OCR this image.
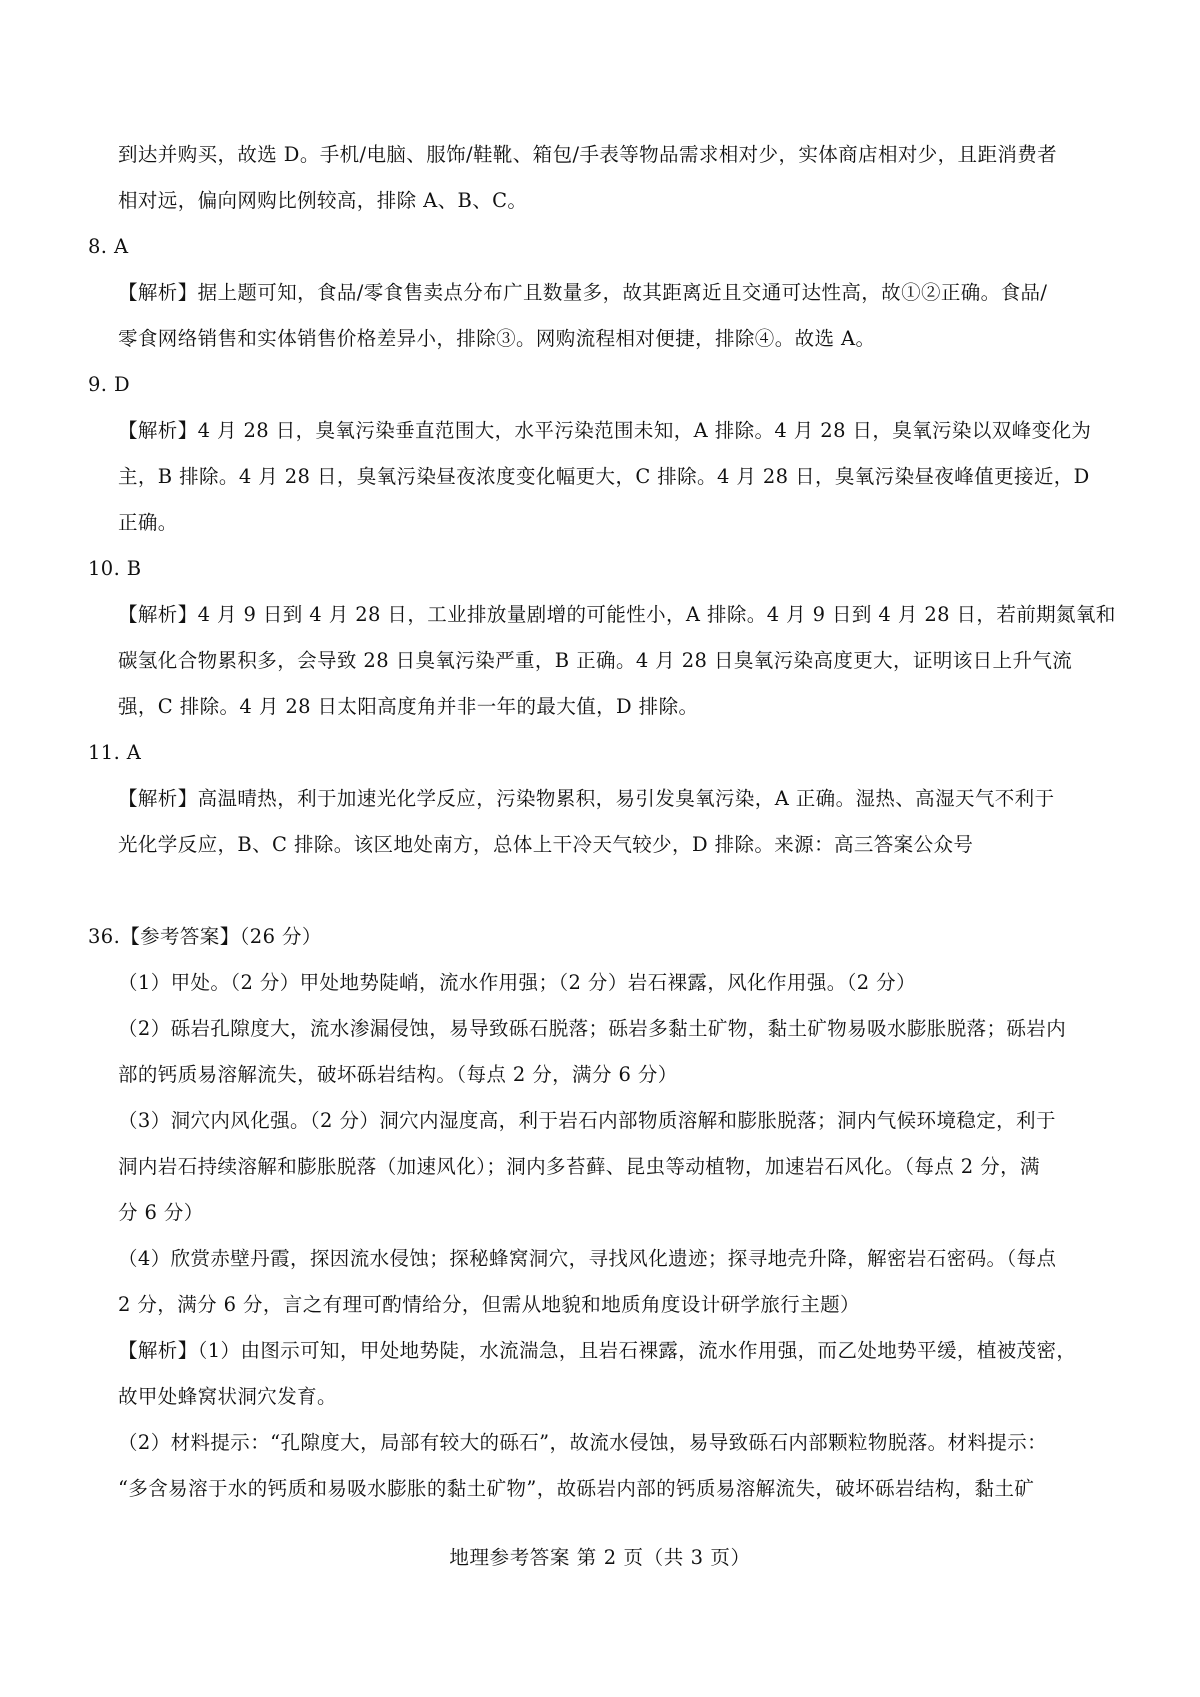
到达并购买，故选 D。手机/电脑、服饰/鞋靴、箱包/手表等物品需求相对少，实体商店相对少，且距消费者
相对远，偏向网购比例较高，排除 A、B、C。
8. A
【解析】据上题可知，食品/零食售卖点分布广且数量多，故其距离近且交通可达性高，故①②正确。食品/
零食网络销售和实体销售价格差异小，排除③。网购流程相对便捷，排除④。故选 A。
9. D
【解析】4 月 28 日，臭氧污染垂直范围大，水平污染范围未知，A 排除。4 月 28 日，臭氧污染以双峰变化为
主，B 排除。4 月 28 日，臭氧污染昼夜浓度变化幅更大，C 排除。4 月 28 日，臭氧污染昼夜峰值更接近，D
正确。
10. B
【解析】4 月 9 日到 4 月 28 日，工业排放量剧增的可能性小，A 排除。4 月 9 日到 4 月 28 日，若前期氮氧和
碳氢化合物累积多，会导致 28 日臭氧污染严重，B 正确。4 月 28 日臭氧污染高度更大，证明该日上升气流
强，C 排除。4 月 28 日太阳高度角并非一年的最大值，D 排除。
11. A
【解析】高温晴热，利于加速光化学反应，污染物累积，易引发臭氧污染，A 正确。湿热、高湿天气不利于
光化学反应，B、C 排除。该区地处南方，总体上干冷天气较少，D 排除。来源：高三答案公众号
36.【参考答案】（26 分）
（1）甲处。（2 分）甲处地势陡峭，流水作用强；（2 分）岩石裸露，风化作用强。（2 分）
（2）砾岩孔隙度大，流水渗漏侵蚀，易导致砾石脱落；砾岩多黏土矿物，黏土矿物易吸水膨胀脱落；砾岩内
部的钙质易溶解流失，破坏砾岩结构。（每点 2 分，满分 6 分）
（3）洞穴内风化强。（2 分）洞穴内湿度高，利于岩石内部物质溶解和膨胀脱落；洞内气候环境稳定，利于
洞内岩石持续溶解和膨胀脱落（加速风化）；洞内多苔藓、昆虫等动植物，加速岩石风化。（每点 2 分，满
分 6 分）
（4）欣赏赤壁丹霞，探因流水侵蚀；探秘蜂窝洞穴，寻找风化遗迹；探寻地壳升降，解密岩石密码。（每点
2 分，满分 6 分，言之有理可酌情给分，但需从地貌和地质角度设计研学旅行主题）
【解析】（1）由图示可知，甲处地势陡，水流湍急，且岩石裸露，流水作用强，而乙处地势平缓，植被茂密，
故甲处蜂窝状洞穴发育。
（2）材料提示：“孔隙度大，局部有较大的砾石”，故流水侵蚀，易导致砾石内部颗粒物脱落。材料提示：
“多含易溶于水的钙质和易吸水膨胀的黏土矿物”，故砾岩内部的钙质易溶解流失，破坏砾岩结构，黏土矿
地理参考答案 第 2 页（共 3 页）
